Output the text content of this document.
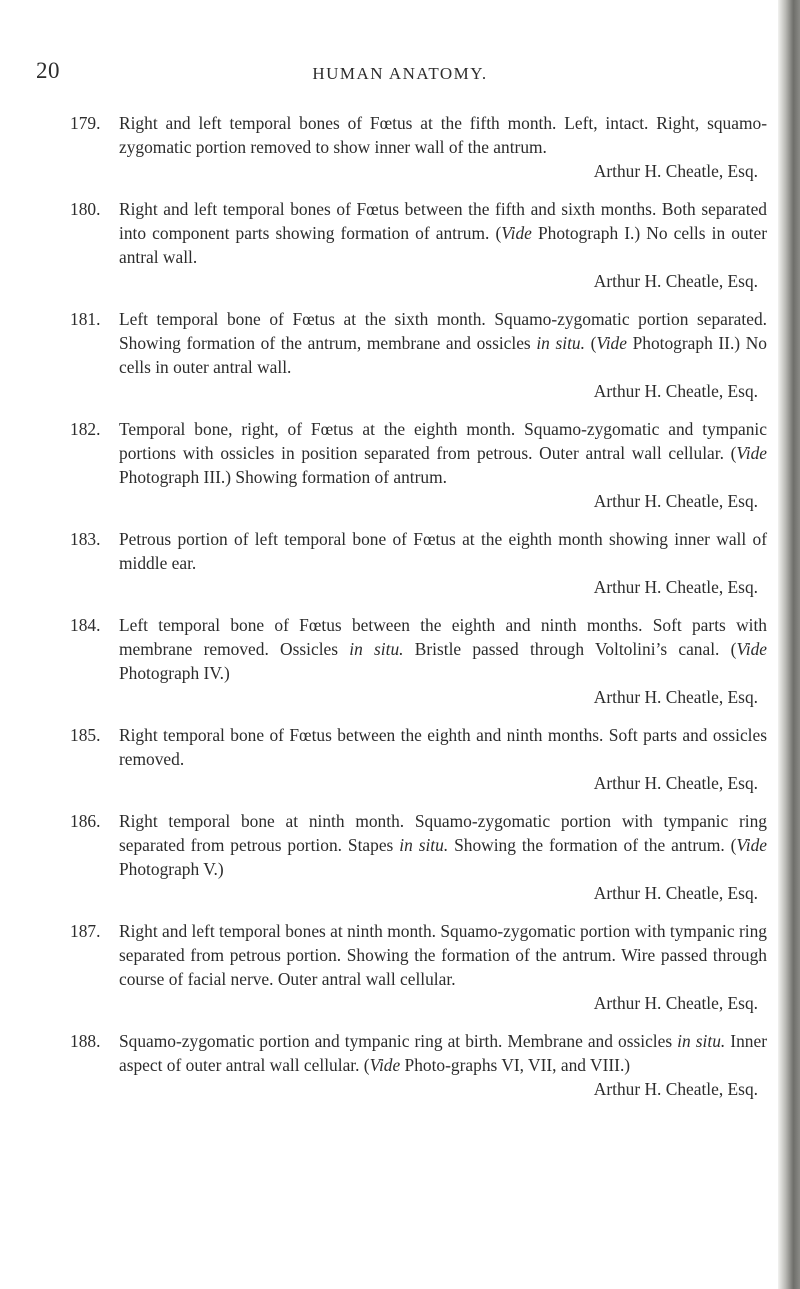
20	HUMAN ANATOMY.
179. Right and left temporal bones of Fœtus at the fifth month. Left, intact. Right, squamo-zygomatic portion removed to show inner wall of the antrum.
Arthur H. Cheatle, Esq.
180. Right and left temporal bones of Fœtus between the fifth and sixth months. Both separated into component parts showing formation of antrum. (Vide Photograph I.) No cells in outer antral wall.
Arthur H. Cheatle, Esq.
181. Left temporal bone of Fœtus at the sixth month. Squamo-zygomatic portion separated. Showing formation of the antrum, membrane and ossicles in situ. (Vide Photograph II.) No cells in outer antral wall.
Arthur H. Cheatle, Esq.
182. Temporal bone, right, of Fœtus at the eighth month. Squamo-zygomatic and tympanic portions with ossicles in position separated from petrous. Outer antral wall cellular. (Vide Photograph III.) Showing formation of antrum.
Arthur H. Cheatle, Esq.
183. Petrous portion of left temporal bone of Fœtus at the eighth month showing inner wall of middle ear.
Arthur H. Cheatle, Esq.
184. Left temporal bone of Fœtus between the eighth and ninth months. Soft parts with membrane removed. Ossicles in situ. Bristle passed through Voltolini’s canal. (Vide Photograph IV.)
Arthur H. Cheatle, Esq.
185. Right temporal bone of Fœtus between the eighth and ninth months. Soft parts and ossicles removed.
Arthur H. Cheatle, Esq.
186. Right temporal bone at ninth month. Squamo-zygomatic portion with tympanic ring separated from petrous portion. Stapes in situ. Showing the formation of the antrum. (Vide Photograph V.)
Arthur H. Cheatle, Esq.
187. Right and left temporal bones at ninth month. Squamo-zygomatic portion with tympanic ring separated from petrous portion. Showing the formation of the antrum. Wire passed through course of facial nerve. Outer antral wall cellular.
Arthur H. Cheatle, Esq.
188. Squamo-zygomatic portion and tympanic ring at birth. Membrane and ossicles in situ. Inner aspect of outer antral wall cellular. (Vide Photo-graphs VI, VII, and VIII.)
Arthur H. Cheatle, Esq.
